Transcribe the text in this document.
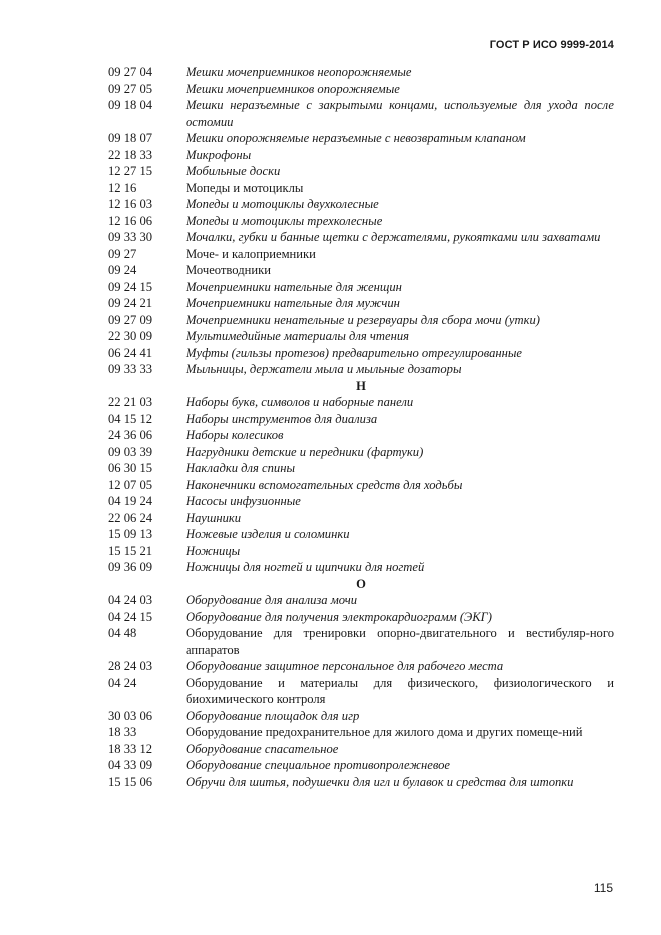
ГОСТ Р ИСО 9999-2014
09 27 04	Мешки мочеприемников неопорожняемые
09 27 05	Мешки мочеприемников опорожняемые
09 18 04	Мешки неразъемные с закрытыми концами, используемые для ухода после остомии
09 18 07	Мешки опорожняемые неразъемные с невозвратным клапаном
22 18 33	Микрофоны
12 27 15	Мобильные доски
12 16	Мопеды и мотоциклы
12 16 03	Мопеды и мотоциклы двухколесные
12 16 06	Мопеды и мотоциклы трехколесные
09 33 30	Мочалки, губки и банные щетки с держателями, рукоятками или захватами
09 27	Моче- и калоприемники
09 24	Мочеотводники
09 24 15	Мочеприемники нательные для женщин
09 24 21	Мочеприемники нательные для мужчин
09 27 09	Мочеприемники ненательные и резервуары для сбора мочи (утки)
22 30 09	Мультимедийные материалы для чтения
06 24 41	Муфты (гильзы протезов) предварительно отрегулированные
09 33 33	Мыльницы, держатели мыла и мыльные дозаторы
Н
22 21 03	Наборы букв, символов и наборные панели
04 15 12	Наборы инструментов для диализа
24 36 06	Наборы колесиков
09 03 39	Нагрудники детские и передники (фартуки)
06 30 15	Накладки для спины
12 07 05	Наконечники вспомогательных средств для ходьбы
04 19 24	Насосы инфузионные
22 06 24	Наушники
15 09 13	Ножевые изделия и соломинки
15 15 21	Ножницы
09 36 09	Ножницы для ногтей и щипчики для ногтей
О
04 24 03	Оборудование для анализа мочи
04 24 15	Оборудование для получения электрокардиограмм (ЭКГ)
04 48	Оборудование для тренировки опорно-двигательного и вестибуляр-ного аппаратов
28 24 03	Оборудование защитное персональное для рабочего места
04 24	Оборудование и материалы для физического, физиологического и биохимического контроля
30 03 06	Оборудование площадок для игр
18 33	Оборудование предохранительное для жилого дома и других помеще-ний
18 33 12	Оборудование спасательное
04 33 09	Оборудование специальное противопролежневое
15 15 06	Обручи для шитья, подушечки для игл и булавок и средства для штопки
115
